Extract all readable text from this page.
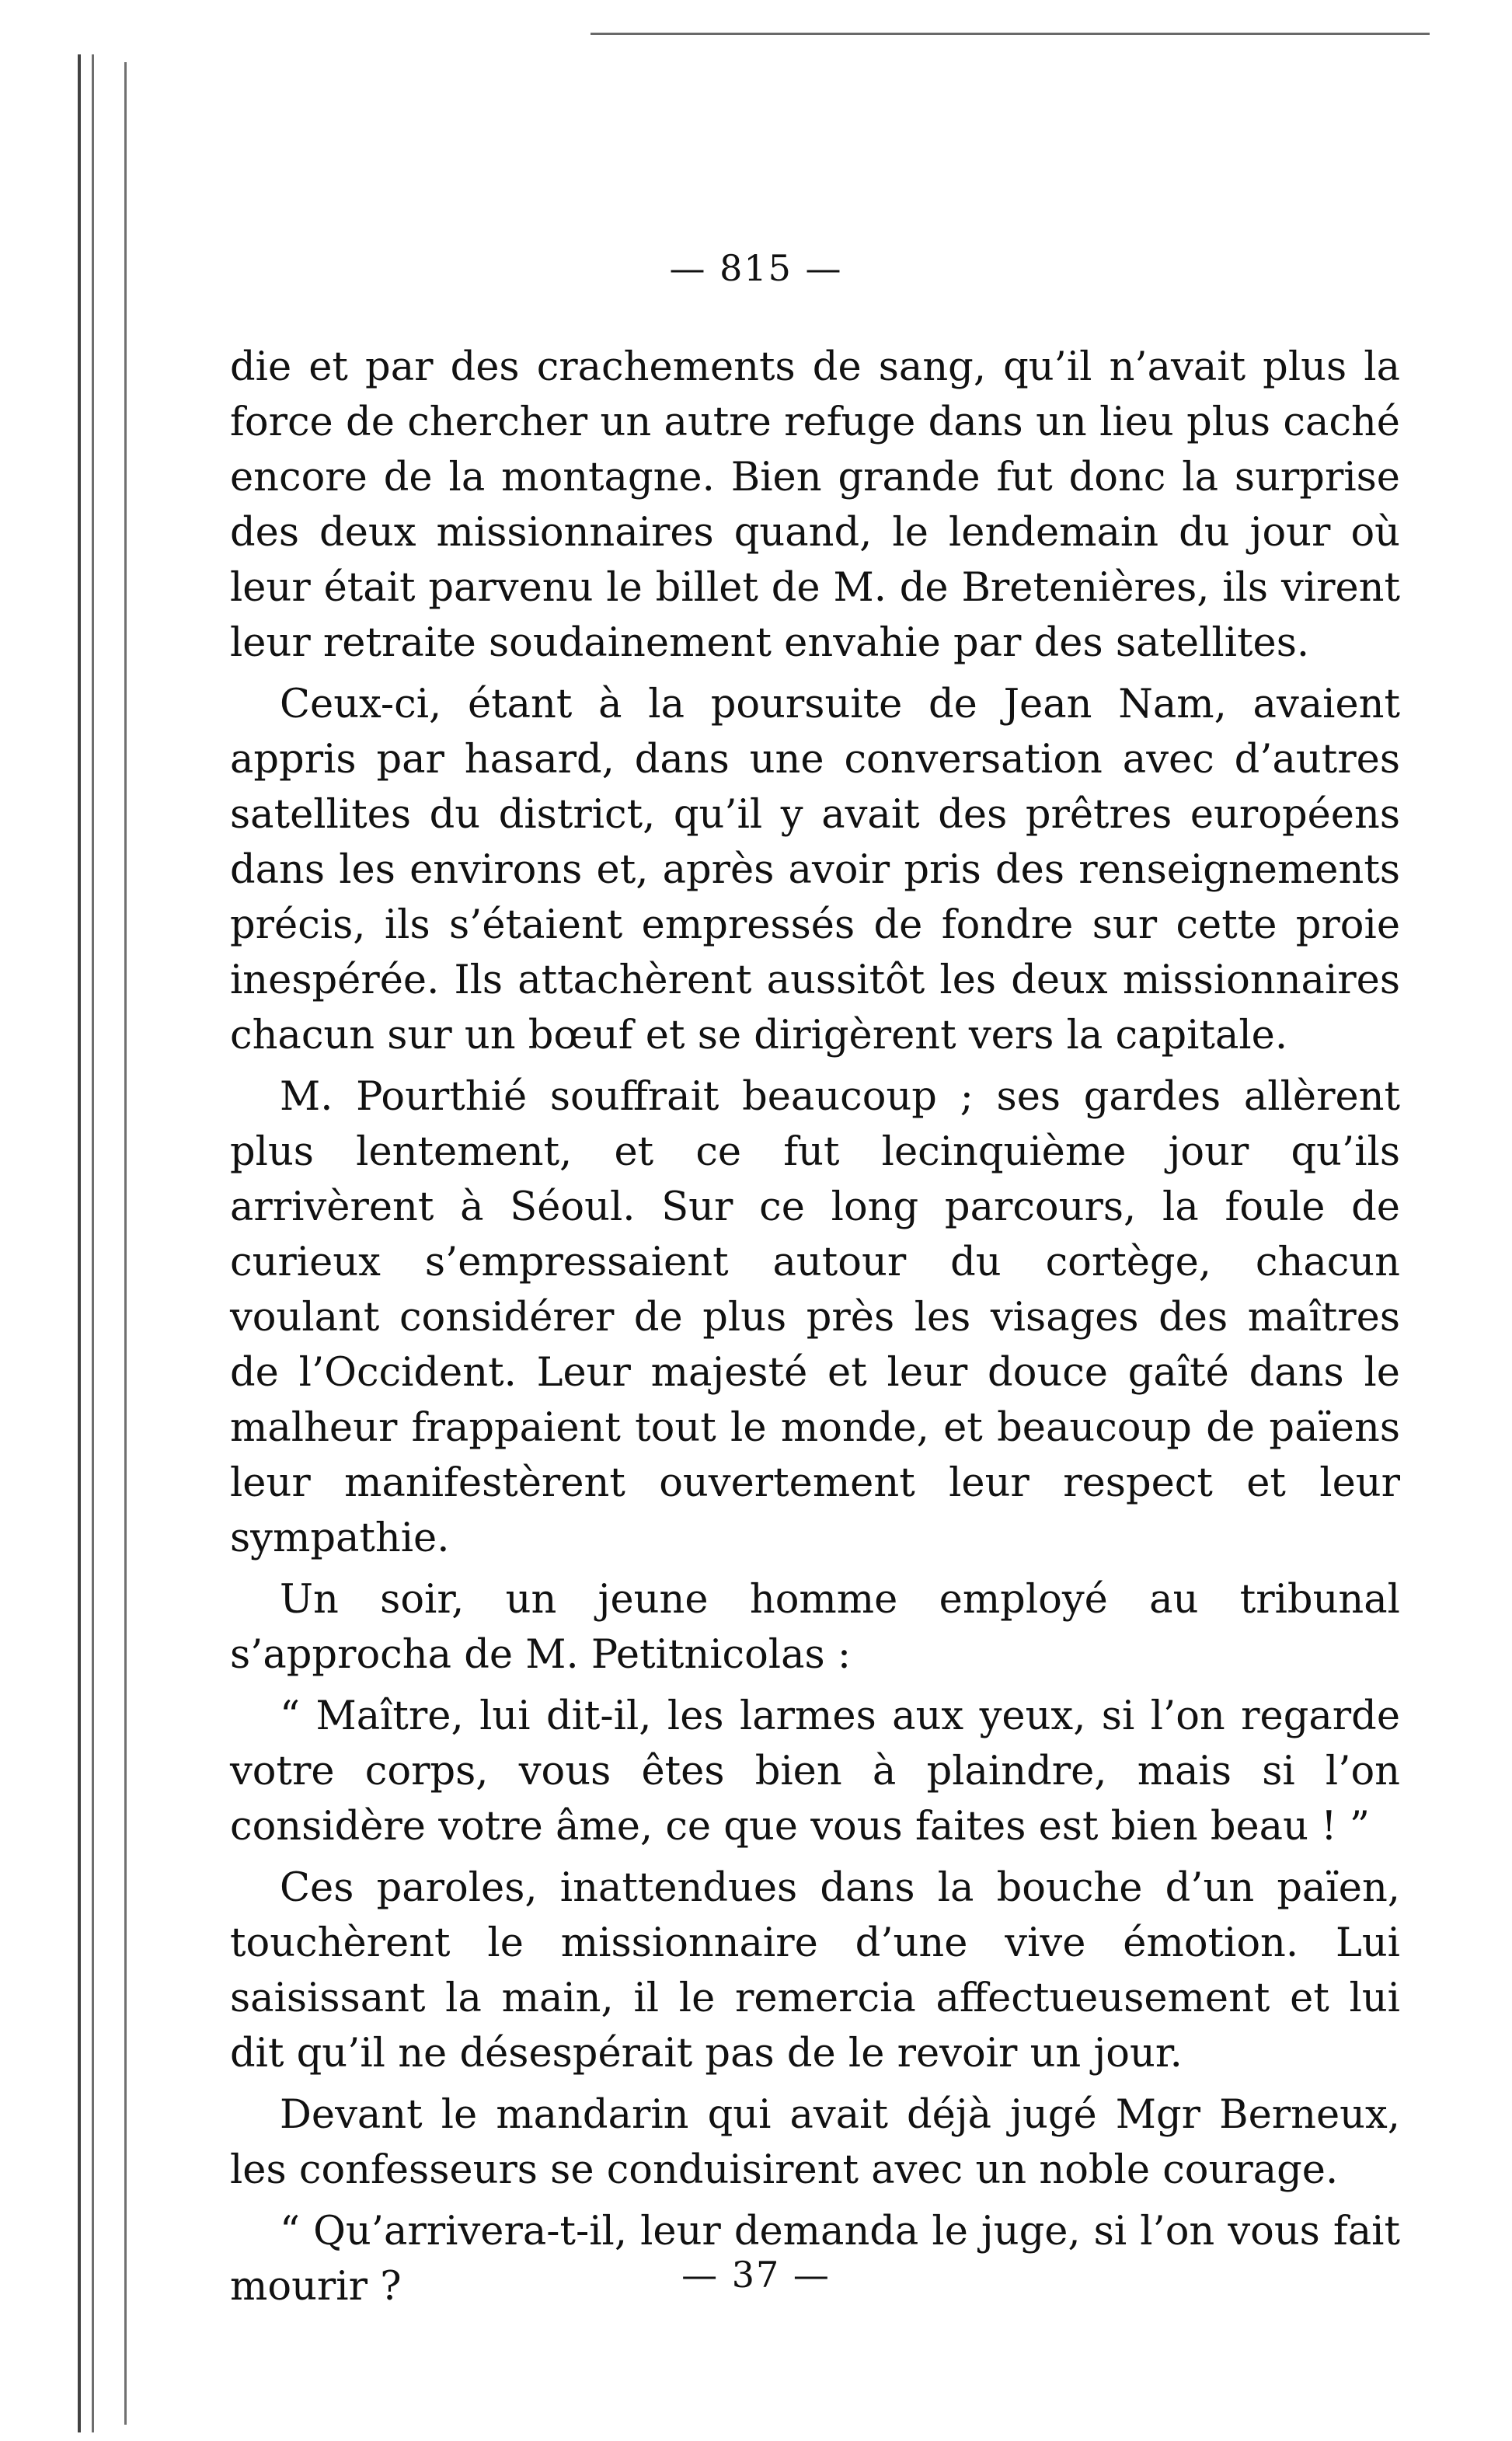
— 815 —

die et par des crachements de sang, qu’il n’avait plus la force de chercher un autre refuge dans un lieu plus caché encore de la montagne. Bien grande fut donc la surprise des deux missionnaires quand, le lendemain du jour où leur était parvenu le billet de M. de Bretenières, ils virent leur retraite soudainement envahie par des satellites.

Ceux-ci, étant à la poursuite de Jean Nam, avaient appris par hasard, dans une conversation avec d’autres satellites du district, qu’il y avait des prêtres européens dans les environs et, après avoir pris des renseignements précis, ils s’étaient empressés de fondre sur cette proie inespérée. Ils attachèrent aussitôt les deux missionnaires chacun sur un bœuf et se dirigèrent vers la capitale.

M. Pourthié souffrait beaucoup ; ses gardes allèrent plus lentement, et ce fut lecinquième jour qu’ils arrivèrent à Séoul. Sur ce long parcours, la foule de curieux s’empressaient autour du cortège, chacun voulant considérer de plus près les visages des maîtres de l’Occident. Leur majesté et leur douce gaîté dans le malheur frappaient tout le monde, et beaucoup de païens leur manifestèrent ouvertement leur respect et leur sympathie.

Un soir, un jeune homme employé au tribunal s’approcha de M. Petitnicolas :

“ Maître, lui dit-il, les larmes aux yeux, si l’on regarde votre corps, vous êtes bien à plaindre, mais si l’on considère votre âme, ce que vous faites est bien beau ! ”

Ces paroles, inattendues dans la bouche d’un païen, touchèrent le missionnaire d’une vive émotion. Lui saisissant la main, il le remercia affectueusement et lui dit qu’il ne désespérait pas de le revoir un jour.

Devant le mandarin qui avait déjà jugé Mgr Berneux, les confesseurs se conduisirent avec un noble courage.

“ Qu’arrivera-t-il, leur demanda le juge, si l’on vous fait mourir ?	— 37 —
